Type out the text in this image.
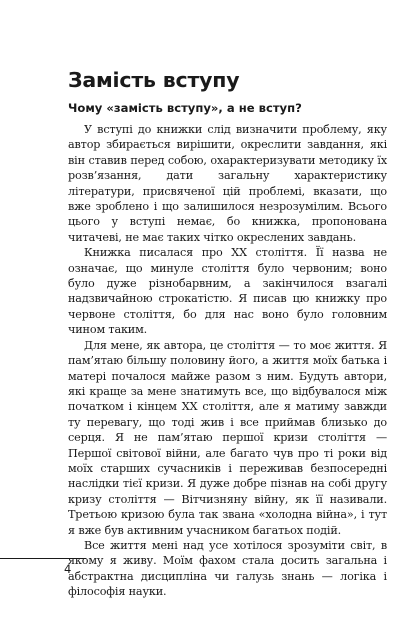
Замість вступу
Чому «замість вступу», а не вступ?

У вступі до книжки слід визначити проблему, яку автор збирається вирішити, окреслити завдання, які він ставив перед собою, охарактеризувати методику їх розв’язання, дати загальну характеристику літератури, присвяченої цій проблемі, вказати, що вже зроблено і що залишилося незрозумілим. Всього цього у вступі немає, бо книжка, пропонована читачеві, не має таких чітко окреслених завдань.

Книжка писалася про XX століття. Її назва не означає, що минуле століття було червоним; воно було дуже різнобарвним, а закінчилося взагалі надзвичайною строкатістю. Я писав цю книжку про червоне століття, бо для нас воно було головним чином таким.

Для мене, як автора, це століття — то моє життя. Я пам’ятаю більшу половину його, а життя моїх батька і матері почалося майже разом з ним. Будуть автори, які краще за мене знатимуть все, що відбувалося між початком і кінцем XX століття, але я матиму завжди ту перевагу, що тоді жив і все приймав близько до серця. Я не пам’ятаю першої кризи століття — Першої світової війни, але багато чув про ті роки від моїх старших сучасників і переживав безпосередні наслідки тієї кризи. Я дуже добре пізнав на собі другу кризу століття — Вітчизняну війну, як її називали. Третьою кризою була так звана «холодна війна», і тут я вже був активним учасником багатьох подій.

Все життя мені над усе хотілося зрозуміти світ, в якому я живу. Моїм фахом стала досить загальна і абстрактна дисципліна чи галузь знань — логіка і філософія науки.

4
